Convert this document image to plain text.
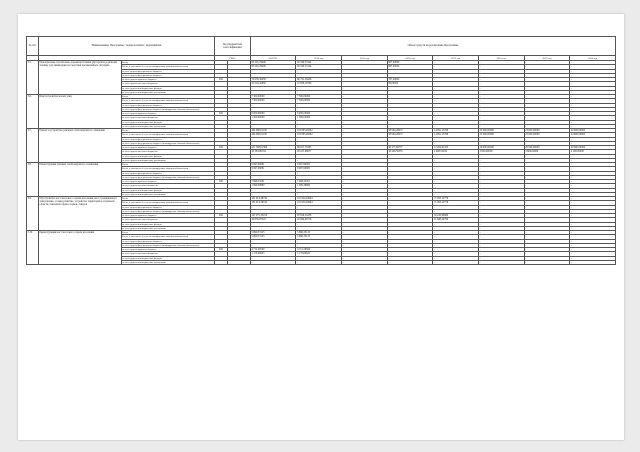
№ п/п	Наименование Программы / подпрограммы / мероприятия		Код бюджетной классификации		Объем средств на реализацию Программы							
			ГРБС		ВСЕГО	2014 год	2015 год	2016 год	2017 год	2018 год	2019 год	2020 год
3.5.	Приобретение строительно-дорожной техники (мусоровоза), включая технику для ликвидации последствий чрезвычайных ситуаций...	Всего			93 205,79406	82 340,53144	-	887,00000	-	-	-	-
		Всего, в том числе без учета планируемых объемов обязательств			93 205,79406	82 340,53144	-	887,00000	-	-	-	-
		за счет средств федерального бюджета			-	-	-	-	-	-	-	-
		за счет средств федерального бюджета			-	-	-	-	-	-	-	-
		за счет средств краевого бюджета	810		70 658,36458	60 791,56458	-	787,00000	-	-	-	-
		за счет средств местных бюджетов			22 519,42950	21 859,16790	-	80,00000	-	-	-	-
		за счет средств внебюджетных фондов			-	-	-	-	-	-	-	-
		за счет средств внебюджетных источников			-	-	-	-	-	-	-	-
3.6.	Благоустройство малых улиц	Всего			7 300,00000	7 300,00000	-	-	-	-	-	-
		Всего, в том числе без учета планируемых объемов обязательств			7 300,00000	7 300,00000	-	-	-	-	-	-
		за счет средств федерального бюджета			-	-	-	-	-	-	-	-
		за счет средств федерального бюджета (планируемые объемы обязательств)			-	-	-	-	-	-	-	-
		за счет средств краевого бюджета	810		6 000,00000	6 000,00000	-	-	-	-	-	-
		за счет средств местных бюджетов			1 300,00000	1 300,00000	-	-	-	-	-	-
		за счет средств внебюджетных фондов			-	-	-	-	-	-	-	-
		за счет средств внебюджетных источников			-	-	-	-	-	-	-	-
3.7.	Ремонт и устройство уличных сетей наружного освещения	Всего			264 980,01100	118 985,48262	-	58 904,29072	14 991,13766	23 600,00000	23 600,00000	24 900,00000
		Всего, в том числе без учета планируемых объемов обязательств			264 980,01100	118 985,48262	-	58 904,29072	14 991,13766	23 600,00000	23 600,00000	24 900,00000
		за счет средств федерального бюджета			-	-	-	-	-	-	-	-
		за счет средств федерального бюджета (планируемые объемы обязательств)			-	-	-	-	-	-	-	-
		за счет средств краевого бюджета	810		221 598,01306	89 817,79285	-	40 477,69737	12 492,61472	20 000,00000	20 000,00000	20 800,00000
		за счет средств местных бюджетов			43 383,89704	29 167,68977	-	18 426,59335	2 498,52294	3 600,00000	3 600,00000	4 100,00000
		за счет средств внебюджетных фондов			-	-	-	-	-	-	-	-
		за счет средств внебюджетных источников			-	-	-	-	-	-	-	-
3.8.	Реконструкция уличных сетей наружного освещения	Всего			9 997,96081	9 997,96081	-	-	-	-	-	-
		Всего, в том числе без учета планируемых объемов обязательств			9 997,96081	9 997,96081	-	-	-	-	-	-
		за счет средств федерального бюджета			-	-	-	-	-	-	-	-
		за счет средств федерального бюджета (планируемые объемы обязательств)			-	-	-	-	-	-	-	-
		за счет средств краевого бюджета	810		7 998,33201	7 998,33201	-	-	-	-	-	-
		за счет средств местных бюджетов			1 999,38880	1 999,38880	-	-	-	-	-	-
		за счет средств внебюджетных фондов			-	-	-	-	-	-	-	-
		за счет средств внебюджетных источников			-	-	-	-	-	-	-	-
3.9.	Обустройство мест массового отдыха населения, мест традиционного захоронения, а также развитие, устройство территорий и отдельной области, связанной сферы, парков, скверов	Всего			181 914,38740	110 820,20994	-	-	71 093,19776	-	-	-
		Всего, в том числе без учета планируемых объемов обязательств			181 914,38740	110 820,20994	-	-	71 093,19776	-	-	-
		за счет средств федерального бюджета			-	-	-	-	-	-	-	-
		за счет средств федерального бюджета (планируемые объемы обязательств)			-	-	-	-	-	-	-	-
		за счет средств краевого бюджета	810		147 075,33218	87 829,34238	-	-	59 245,98980	-	-	-
		за счет средств местных бюджетов			34 839,05522	22 990,86756	-	-	11 848,20796	-	-	-
		за счет средств внебюджетных фондов			-	-	-	-	-	-	-	-
		за счет средств внебюджетных источников			-	-	-	-	-	-	-	-
3.10.	Реконструкция мест массового отдыха населения	Всего			5 890,33125	5 890,33125	-	-	-	-	-	-
		Всего, в том числе без учета планируемых объемов обязательств			5 890,33125	5 890,33125	-	-	-	-	-	-
		за счет средств федерального бюджета			-	-	-	-	-	-	-	-
		за счет средств федерального бюджета (планируемые объемы обязательств)			-	-	-	-	-	-	-	-
		за счет средств краевого бюджета	810		4 712,26500	4 712,26500	-	-	-	-	-	-
		за счет средств местных бюджетов			1 178,06625	1 178,06625	-	-	-	-	-	-
		за счет средств внебюджетных фондов			-	-	-	-	-	-	-	-
		за счет средств внебюджетных источников			-	-	-	-	-	-	-	-
